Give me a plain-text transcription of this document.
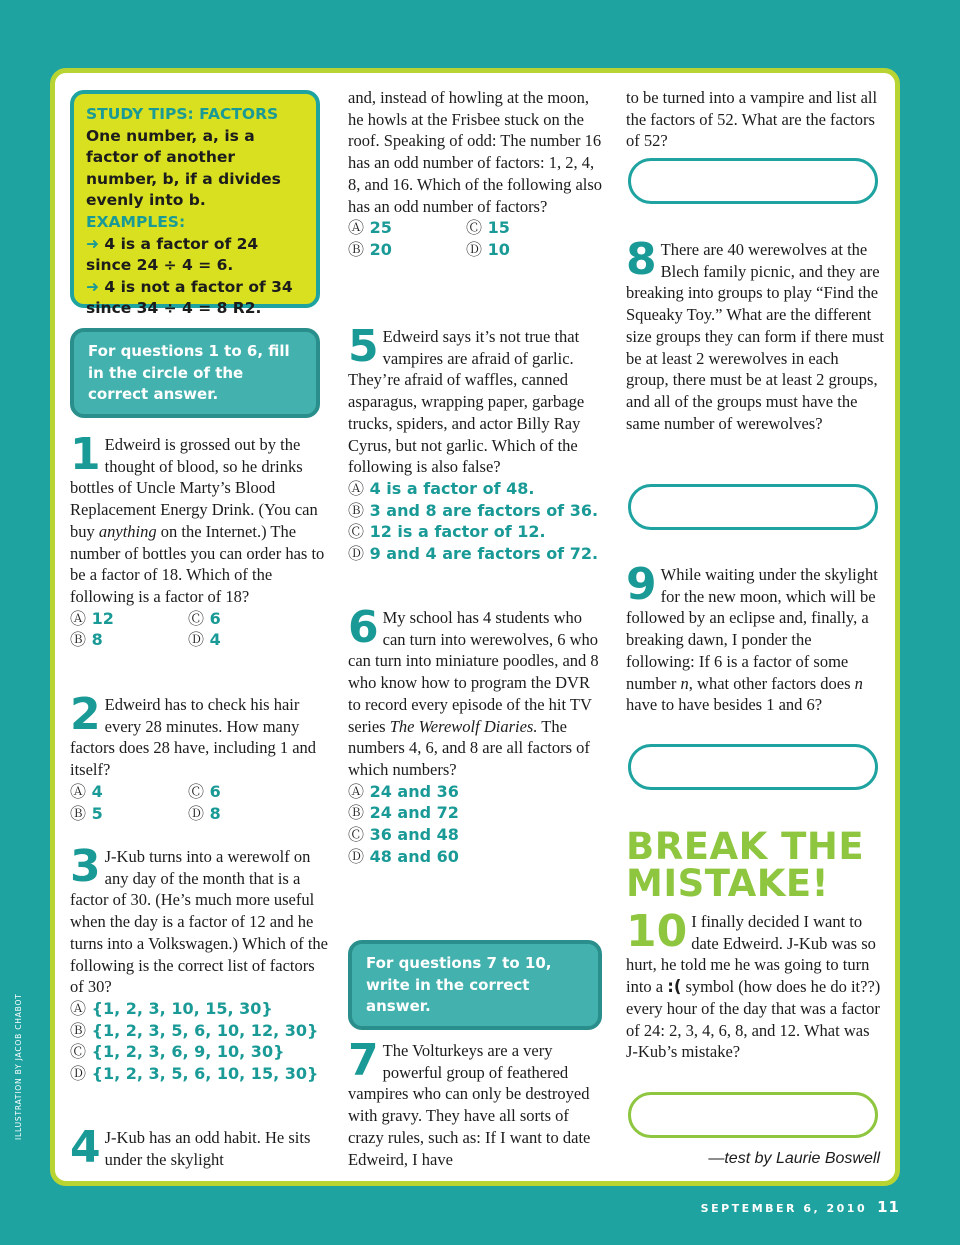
STUDY TIPS: FACTORS
One number, a, is a factor of another number, b, if a divides evenly into b.
EXAMPLES:
➜ 4 is a factor of 24 since 24 ÷ 4 = 6.
➜ 4 is not a factor of 34 since 34 ÷ 4 = 8 R2.
For questions 1 to 6, fill in the circle of the correct answer.
1 Edweird is grossed out by the thought of blood, so he drinks bottles of Uncle Marty’s Blood Replacement Energy Drink. (You can buy anything on the Internet.) The number of bottles you can order has to be a factor of 18. Which of the following is a factor of 18?
Ⓐ 12	Ⓒ 6
Ⓑ 8	Ⓓ 4
2 Edweird has to check his hair every 28 minutes. How many factors does 28 have, including 1 and itself?
Ⓐ 4	Ⓒ 6
Ⓑ 5	Ⓓ 8
3 J-Kub turns into a werewolf on any day of the month that is a factor of 30. (He’s much more useful when the day is a factor of 12 and he turns into a Volkswagen.) Which of the following is the correct list of factors of 30?
Ⓐ {1, 2, 3, 10, 15, 30}
Ⓑ {1, 2, 3, 5, 6, 10, 12, 30}
Ⓒ {1, 2, 3, 6, 9, 10, 30}
Ⓓ {1, 2, 3, 5, 6, 10, 15, 30}
4 J-Kub has an odd habit. He sits under the skylight
and, instead of howling at the moon, he howls at the Frisbee stuck on the roof. Speaking of odd: The number 16 has an odd number of factors: 1, 2, 4, 8, and 16. Which of the following also has an odd number of factors?
Ⓐ 25	Ⓒ 15
Ⓑ 20	Ⓓ 10
5 Edweird says it’s not true that vampires are afraid of garlic. They’re afraid of waffles, canned asparagus, wrapping paper, garbage trucks, spiders, and actor Billy Ray Cyrus, but not garlic. Which of the following is also false?
Ⓐ 4 is a factor of 48.
Ⓑ 3 and 8 are factors of 36.
Ⓒ 12 is a factor of 12.
Ⓓ 9 and 4 are factors of 72.
6 My school has 4 students who can turn into werewolves, 6 who can turn into miniature poodles, and 8 who know how to program the DVR to record every episode of the hit TV series The Werewolf Diaries. The numbers 4, 6, and 8 are all factors of which numbers?
Ⓐ 24 and 36
Ⓑ 24 and 72
Ⓒ 36 and 48
Ⓓ 48 and 60
For questions 7 to 10, write in the correct answer.
7 The Volturkeys are a very powerful group of feathered vampires who can only be destroyed with gravy. They have all sorts of crazy rules, such as: If I want to date Edweird, I have
to be turned into a vampire and list all the factors of 52. What are the factors of 52?
8 There are 40 werewolves at the Blech family picnic, and they are breaking into groups to play “Find the Squeaky Toy.” What are the different size groups they can form if there must be at least 2 werewolves in each group, there must be at least 2 groups, and all of the groups must have the same number of werewolves?
9 While waiting under the skylight for the new moon, which will be followed by an eclipse and, finally, a breaking dawn, I ponder the following: If 6 is a factor of some number n, what other factors does n have to have besides 1 and 6?
BREAK THE MISTAKE!
10 I finally decided I want to date Edweird. J-Kub was so hurt, he told me he was going to turn into a :( symbol (how does he do it??) every hour of the day that was a factor of 24: 2, 3, 4, 6, 8, and 12. What was J-Kub’s mistake?
—test by Laurie Boswell
SEPTEMBER 6, 2010 11
ILLUSTRATION BY JACOB CHABOT
